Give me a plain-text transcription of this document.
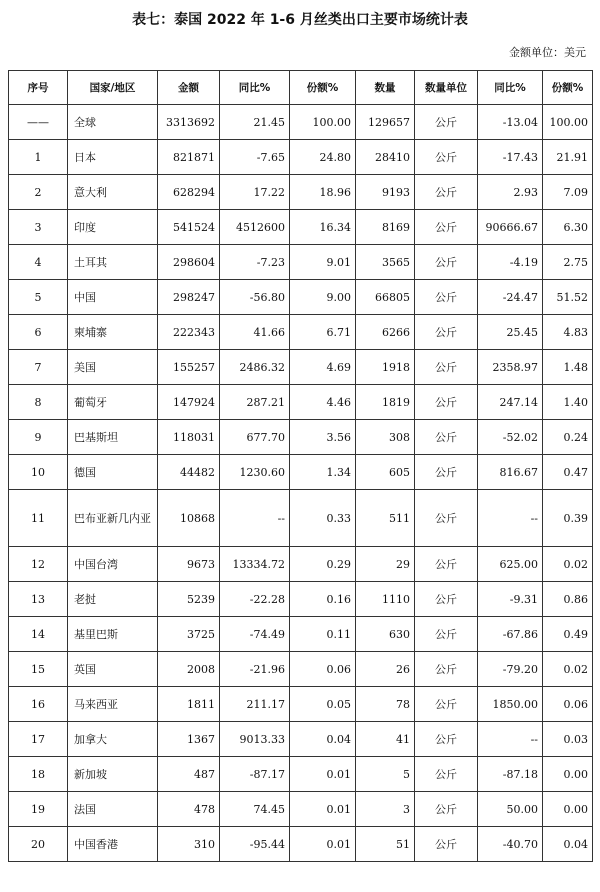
表七：泰国 2022 年 1-6 月丝类出口主要市场统计表
金额单位：美元
序号	国家/地区	金额	同比%	份额%	数量	数量单位	同比%	份额%
——	全球	3313692	21.45	100.00	129657	公斤	-13.04	100.00
1	日本	821871	-7.65	24.80	28410	公斤	-17.43	21.91
2	意大利	628294	17.22	18.96	9193	公斤	2.93	7.09
3	印度	541524	4512600	16.34	8169	公斤	90666.67	6.30
4	土耳其	298604	-7.23	9.01	3565	公斤	-4.19	2.75
5	中国	298247	-56.80	9.00	66805	公斤	-24.47	51.52
6	柬埔寨	222343	41.66	6.71	6266	公斤	25.45	4.83
7	美国	155257	2486.32	4.69	1918	公斤	2358.97	1.48
8	葡萄牙	147924	287.21	4.46	1819	公斤	247.14	1.40
9	巴基斯坦	118031	677.70	3.56	308	公斤	-52.02	0.24
10	德国	44482	1230.60	1.34	605	公斤	816.67	0.47
11	巴布亚新几内亚	10868	--	0.33	511	公斤	--	0.39
12	中国台湾	9673	13334.72	0.29	29	公斤	625.00	0.02
13	老挝	5239	-22.28	0.16	1110	公斤	-9.31	0.86
14	基里巴斯	3725	-74.49	0.11	630	公斤	-67.86	0.49
15	英国	2008	-21.96	0.06	26	公斤	-79.20	0.02
16	马来西亚	1811	211.17	0.05	78	公斤	1850.00	0.06
17	加拿大	1367	9013.33	0.04	41	公斤	--	0.03
18	新加坡	487	-87.17	0.01	5	公斤	-87.18	0.00
19	法国	478	74.45	0.01	3	公斤	50.00	0.00
20	中国香港	310	-95.44	0.01	51	公斤	-40.70	0.04
